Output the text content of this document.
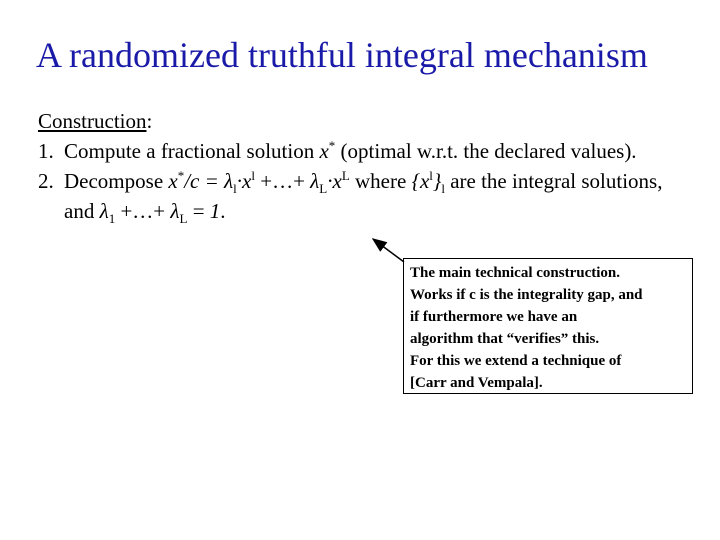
A randomized truthful integral mechanism
Construction:
1. Compute a fractional solution x* (optimal w.r.t. the declared values).
2. Decompose $x^*/c = \lambda_l\cdot x^l$ +…+ $\lambda_L\cdot x^L$ where $\{x^l\}_l$ are the integral solutions, and $\lambda_1$ +…+ $\lambda_L = 1$.
The main technical construction.
Works if c is the integrality gap, and
if furthermore we have an
algorithm that “verifies” this.
For this we extend a technique of
[Carr and Vempala].
